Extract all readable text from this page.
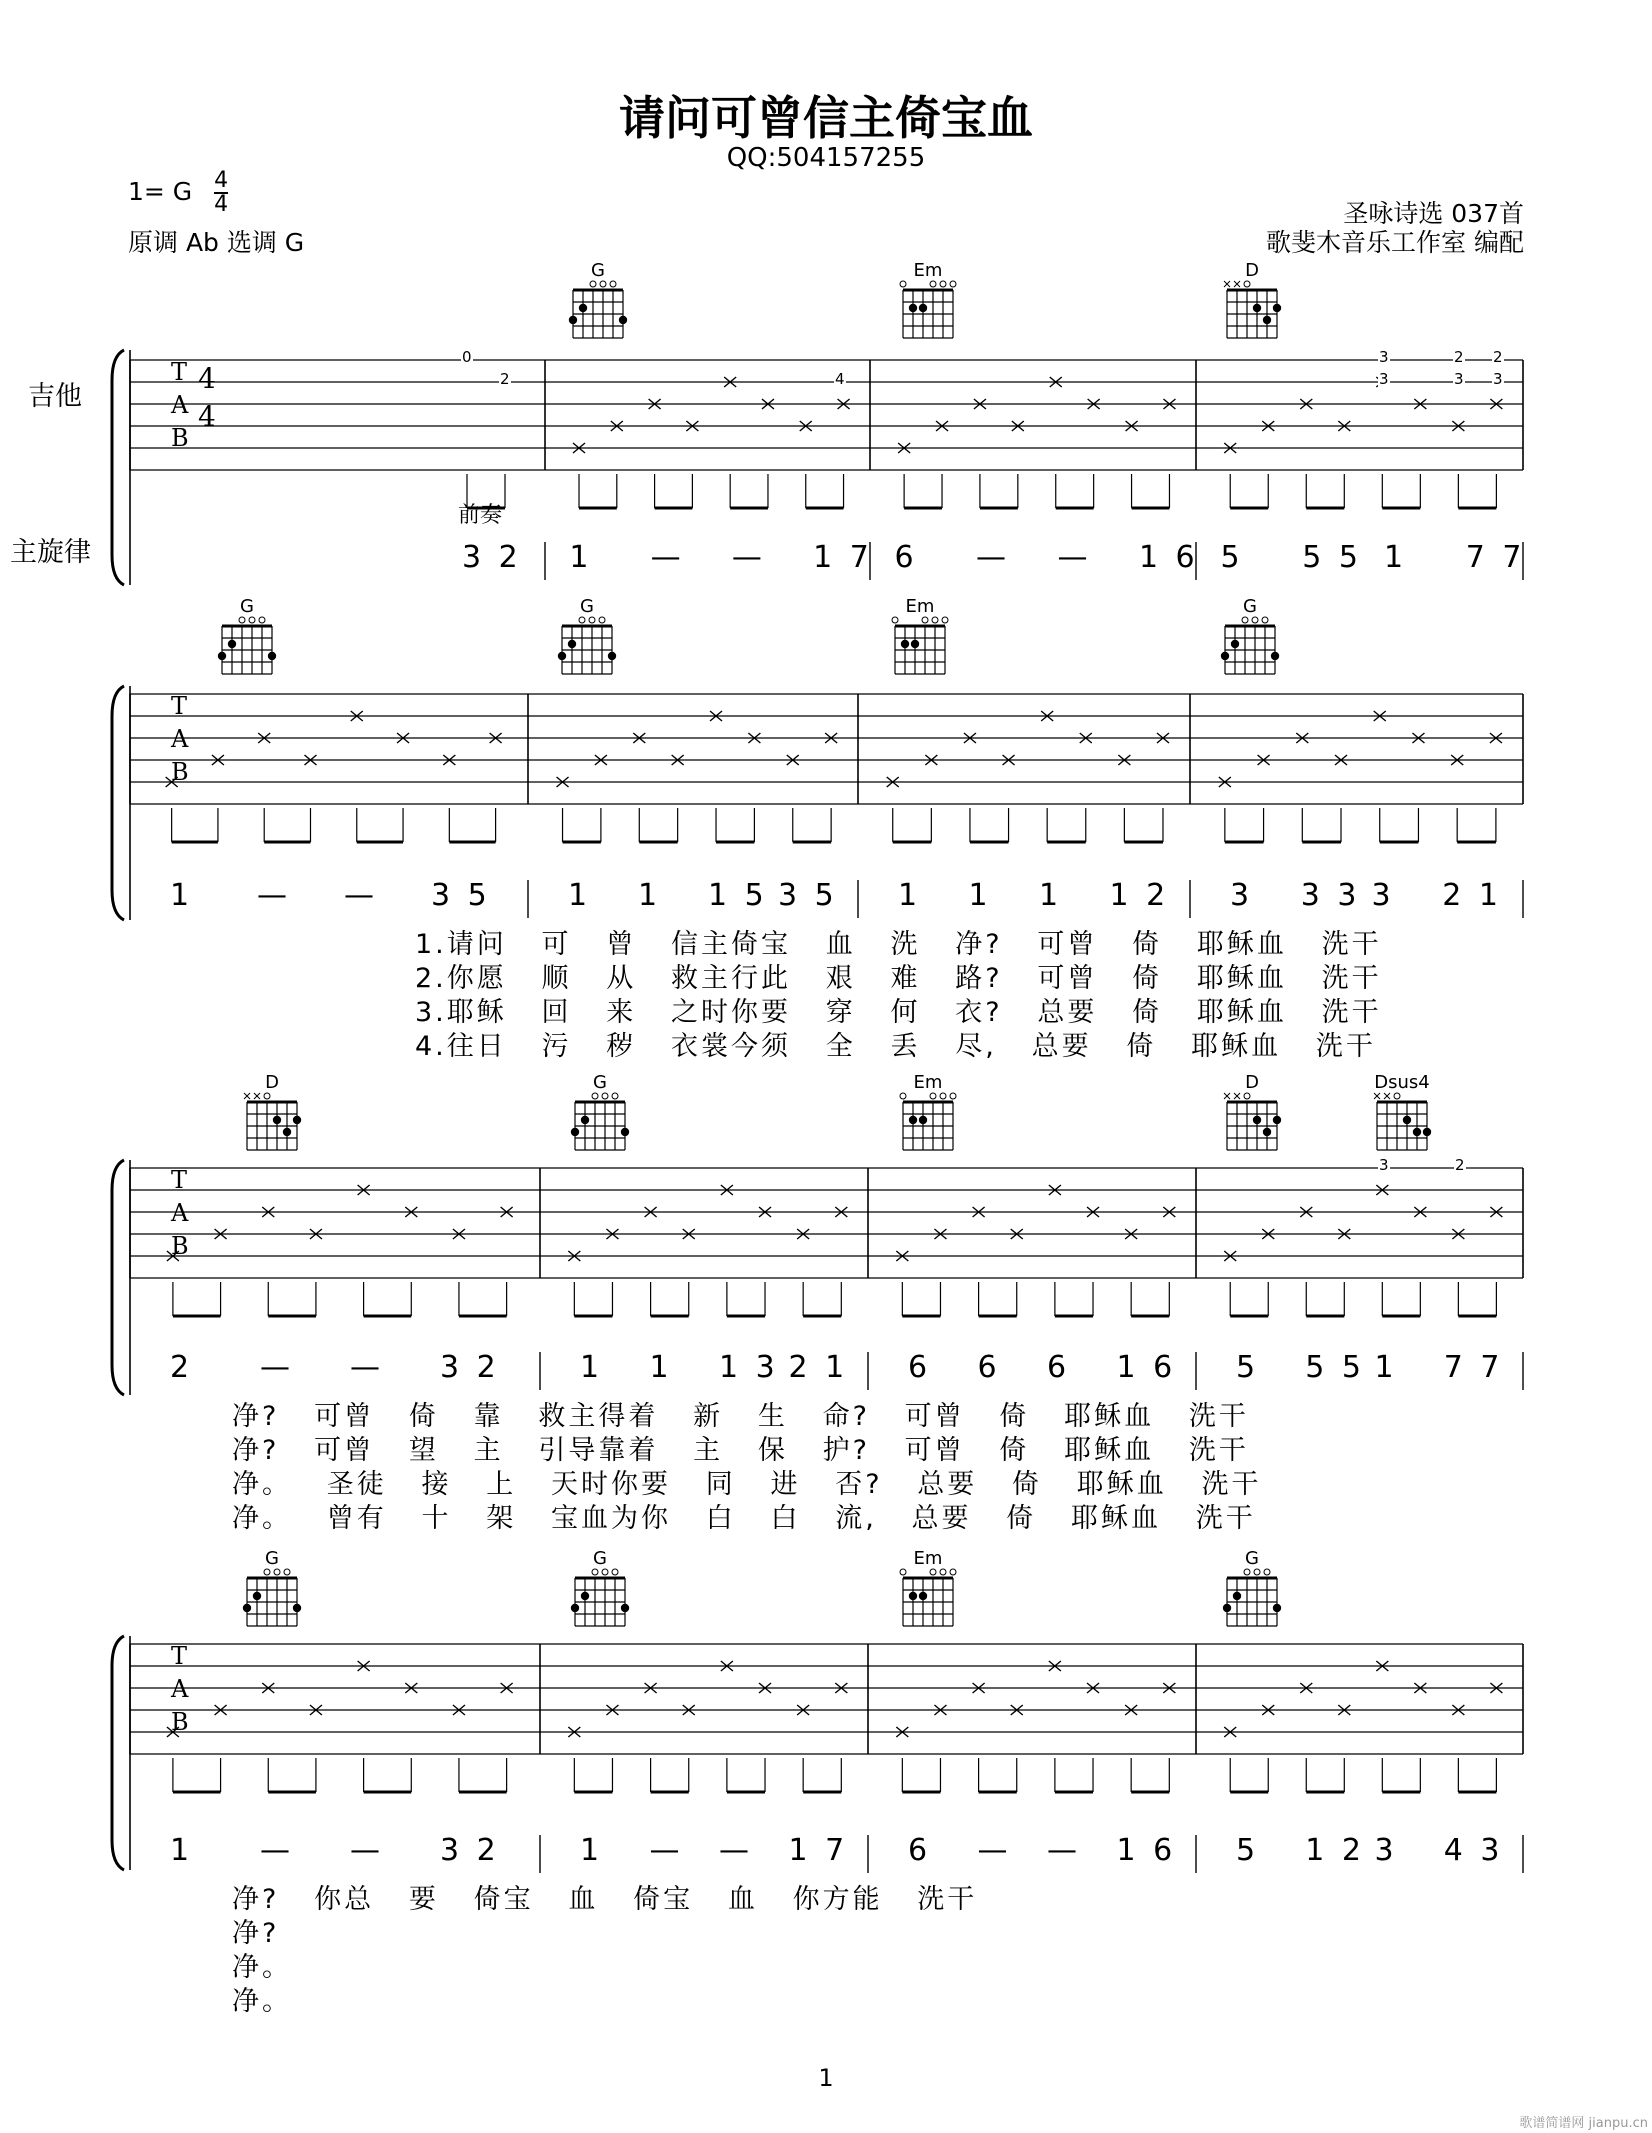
请问可曾信主倚宝血
QQ:504157255
1= G $\frac{4}{4}$
原调 Ab 选调 G
圣咏诗选 037首
歌斐木音乐工作室 编配
吉他
主旋律
前奏
1
歌谱简谱网 jianpu.cn
T
A
B
4
4
G	Em	D
3 2 1 — — 1 7 6 — — 1 6 5 5 5 1 7 7
0
2	4
3
3
2
3
2
3
T
A
B
G	G	Em	G
1 — — 3 5	1 1 1 5 3 5 1 1 1 1 2 3 3 3 3 2 1
1.请问   可   曾   信主倚宝   血   洗   净?   可曾   倚   耶稣血   洗干
2.你愿   顺   从   救主行此   艰   难   路?   可曾   倚   耶稣血   洗干
3.耶稣   回   来   之时你要   穿   何   衣?   总要   倚   耶稣血   洗干
4.往日   污   秽   衣裳今须   全   丢   尽,   总要   倚   耶稣血   洗干
T
A
B
D	G	Em	D	Dsus4
2 — — 3 2	1 1 1 3 2 1 6 6 6 1 6 5 5 5 1 7 7
3	2
净?   可曾   倚   靠   救主得着   新   生   命?   可曾   倚   耶稣血   洗干
净?   可曾   望   主   引导靠着   主   保   护?   可曾   倚   耶稣血   洗干
净。   圣徒   接   上   天时你要   同   进   否?   总要   倚   耶稣血   洗干
净。   曾有   十   架   宝血为你   白   白   流,   总要   倚   耶稣血   洗干
T
A
B
G	G	Em	G
1 — — 3 2	1 — — 1 7 6 — — 1 6 5 1 2 3 4 3
净?   你总   要   倚宝   血   倚宝   血   你方能   洗干
净?
净。
净。
